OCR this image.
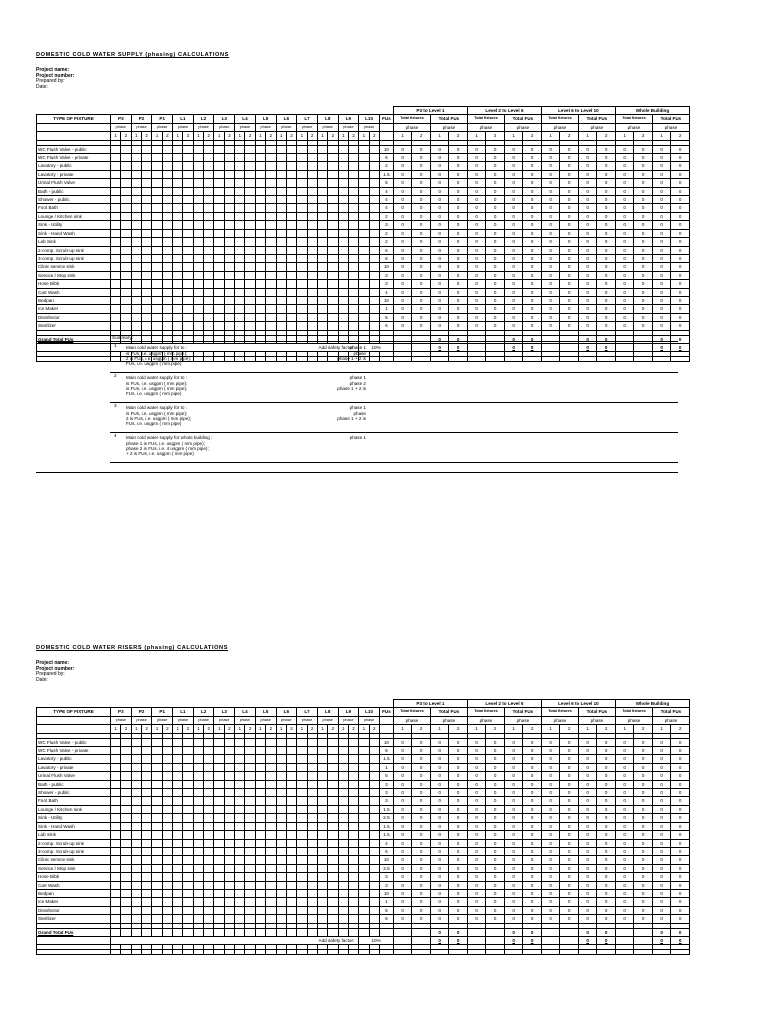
DOMESTIC COLD WATER SUPPLY (phasing) CALCULATIONS
Project name:
Project number:
Prepared by:
Date:
																												P3 to Level 1				Level 2 to Level 5				Level 6 to Level 10				Whole Building			
TYPE OF FIXTURE	P3		P2		P1		L1		L2		L3		L4		L5		L6		L7		L8		L9		L10		FUs	Total fixtures		Total FUs		Total fixtures		Total FUs		Total fixtures		Total FUs		Total fixtures		Total FUs	
	phase		phase		phase		phase		phase		phase		phase		phase		phase		phase		phase		phase		phase			phase		phase		phase		phase		phase		phase		phase		phase	
	1	2	1	2	1	2	1	2	1	2	1	2	1	2	1	2	1	2	1	2	1	2	1	2	1	2		1	2	1	2	1	2	1	2	1	2	1	2	1	2	1	2

WC Flush Valve - public																											10	0	0	0	0	0	0	0	0	0	0	0	0	0	0	0	0
WC Flush Valve - private																											6	0	0	0	0	0	0	0	0	0	0	0	0	0	0	0	0
Lavatory - public																											2	0	0	0	0	0	0	0	0	0	0	0	0	0	0	0	0
Lavatory - private																											1.5	0	0	0	0	0	0	0	0	0	0	0	0	0	0	0	0
Urinal Flush Valve																											5	0	0	0	0	0	0	0	0	0	0	0	0	0	0	0	0
Bath - public																											4	0	0	0	0	0	0	0	0	0	0	0	0	0	0	0	0
Shower - public																											4	0	0	0	0	0	0	0	0	0	0	0	0	0	0	0	0
Foot Bath																											4	0	0	0	0	0	0	0	0	0	0	0	0	0	0	0	0
Lounge / Kitchen sink																											2	0	0	0	0	0	0	0	0	0	0	0	0	0	0	0	0
Sink - Utility																											3	0	0	0	0	0	0	0	0	0	0	0	0	0	0	0	0
Sink - Hand Wash																											2	0	0	0	0	0	0	0	0	0	0	0	0	0	0	0	0
Lab Sink																											2	0	0	0	0	0	0	0	0	0	0	0	0	0	0	0	0
2-comp. Scrub-up sink																											6	0	0	0	0	0	0	0	0	0	0	0	0	0	0	0	0
3-comp. Scrub-up sink																											8	0	0	0	0	0	0	0	0	0	0	0	0	0	0	0	0
Clinic service sink																											10	0	0	0	0	0	0	0	0	0	0	0	0	0	0	0	0
Service / Mop sink																											3	0	0	0	0	0	0	0	0	0	0	0	0	0	0	0	0
Hose Bibb																											3	0	0	0	0	0	0	0	0	0	0	0	0	0	0	0	0
Cart Wash																											4	0	0	0	0	0	0	0	0	0	0	0	0	0	0	0	0
Bedpan																											10	0	0	0	0	0	0	0	0	0	0	0	0	0	0	0	0
Ice Maker																											1	0	0	0	0	0	0	0	0	0	0	0	0	0	0	0	0
Disinfector																											5	0	0	0	0	0	0	0	0	0	0	0	0	0	0	0	0
Sterilizer																											6	0	0	0	0	0	0	0	0	0	0	0	0	0	0	0	0

Grand Total FUs																														0	0			0	0			0	0			0	0
	Add safety factor:																								10%					0	0			0	0			0	0			0	0

Summary:
1 Main cold water supply for to :
is FUs, i.e. usgpm ( mm pipe);
2 is FUs, i.e. usgpm ( mm pipe);
FUs, i.e. usgpm ( mm pipe)
phase 1
phase
phase 1 + 2 is
2 Main cold water supply for to :
is FUs, i.e. usgpm ( mm pipe);
is FUs, i.e. usgpm ( mm pipe);
FUs, i.e. usgpm ( mm pipe)
phase 1
phase 2
phase 1 + 2 is
3 Main cold water supply for to :
is FUs, i.e. usgpm ( mm pipe);
2 is FUs, i.e. usgpm ( mm pipe);
FUs, i.e. usgpm ( mm pipe)
phase 1
phase
phase 1 + 2 is
4 Main cold water supply for whole building :
phase 1 is FUs, i.e. usgpm ( mm pipe);
phase 2 is FUs, i.e. 4 usgpm ( mm pipe);
+ 2 is FUs, i.e. usgpm ( mm pipe)
phase 1
DOMESTIC COLD WATER RISERS (phasing) CALCULATIONS
Project name:
Project number:
Prepared by:
Date:
																												P3 to Level 1				Level 2 to Level 5				Level 6 to Level 10				Whole Building			
TYPE OF FIXTURE	P3		P2		P1		L1		L2		L3		L4		L5		L6		L7		L8		L9		L10		FUs	Total fixtures		Total FUs		Total fixtures		Total FUs		Total fixtures		Total FUs		Total fixtures		Total FUs	
	phase		phase		phase		phase		phase		phase		phase		phase		phase		phase		phase		phase		phase			phase		phase		phase		phase		phase		phase		phase		phase	
	1	2	1	2	1	2	1	2	1	2	1	2	1	2	1	2	1	2	1	2	1	2	1	2	1	2		1	2	1	2	1	2	1	2	1	2	1	2	1	2	1	2

WC Flush Valve - public																											10	0	0	0	0	0	0	0	0	0	0	0	0	0	0	0	0
WC Flush Valve - private																											6	0	0	0	0	0	0	0	0	0	0	0	0	0	0	0	0
Lavatory - public																											1.5	0	0	0	0	0	0	0	0	0	0	0	0	0	0	0	0
Lavatory - private																											1	0	0	0	0	0	0	0	0	0	0	0	0	0	0	0	0
Urinal Flush Valve																											5	0	0	0	0	0	0	0	0	0	0	0	0	0	0	0	0
Bath - public																											3	0	0	0	0	0	0	0	0	0	0	0	0	0	0	0	0
Shower - public																											3	0	0	0	0	0	0	0	0	0	0	0	0	0	0	0	0
Foot Bath																											3	0	0	0	0	0	0	0	0	0	0	0	0	0	0	0	0
Lounge / Kitchen sink																											1.5	0	0	0	0	0	0	0	0	0	0	0	0	0	0	0	0
Sink - Utility																											2.5	0	0	0	0	0	0	0	0	0	0	0	0	0	0	0	0
Sink - Hand Wash																											1.5	0	0	0	0	0	0	0	0	0	0	0	0	0	0	0	0
Lab Sink																											1.5	0	0	0	0	0	0	0	0	0	0	0	0	0	0	0	0
2-comp. Scrub-up sink																											4	0	0	0	0	0	0	0	0	0	0	0	0	0	0	0	0
3-comp. Scrub-up sink																											6	0	0	0	0	0	0	0	0	0	0	0	0	0	0	0	0
Clinic service sink																											10	0	0	0	0	0	0	0	0	0	0	0	0	0	0	0	0
Service / Mop sink																											2.5	0	0	0	0	0	0	0	0	0	0	0	0	0	0	0	0
Hose Bibb																											3	0	0	0	0	0	0	0	0	0	0	0	0	0	0	0	0
Cart Wash																											3	0	0	0	0	0	0	0	0	0	0	0	0	0	0	0	0
Bedpan																											10	0	0	0	0	0	0	0	0	0	0	0	0	0	0	0	0
Ice Maker																											1	0	0	0	0	0	0	0	0	0	0	0	0	0	0	0	0
Disinfector																											5	0	0	0	0	0	0	0	0	0	0	0	0	0	0	0	0
Sterilizer																											6	0	0	0	0	0	0	0	0	0	0	0	0	0	0	0	0

Grand Total FUs																														0	0			0	0			0	0			0	0
	Add safety factor:																								10%					0	0			0	0			0	0			0	0
